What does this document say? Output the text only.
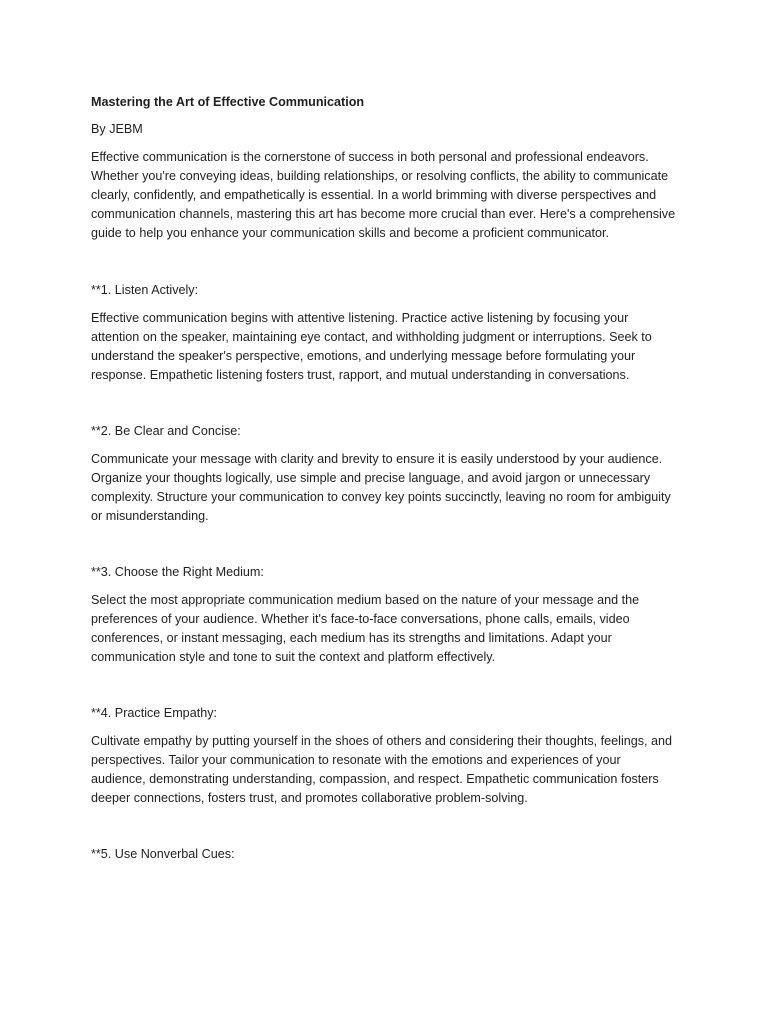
Mastering the Art of Effective Communication

By JEBM

Effective communication is the cornerstone of success in both personal and professional endeavors. Whether you're conveying ideas, building relationships, or resolving conflicts, the ability to communicate clearly, confidently, and empathetically is essential. In a world brimming with diverse perspectives and communication channels, mastering this art has become more crucial than ever. Here's a comprehensive guide to help you enhance your communication skills and become a proficient communicator.

**1. Listen Actively:

Effective communication begins with attentive listening. Practice active listening by focusing your attention on the speaker, maintaining eye contact, and withholding judgment or interruptions. Seek to understand the speaker's perspective, emotions, and underlying message before formulating your response. Empathetic listening fosters trust, rapport, and mutual understanding in conversations.

**2. Be Clear and Concise:

Communicate your message with clarity and brevity to ensure it is easily understood by your audience. Organize your thoughts logically, use simple and precise language, and avoid jargon or unnecessary complexity. Structure your communication to convey key points succinctly, leaving no room for ambiguity or misunderstanding.

**3. Choose the Right Medium:

Select the most appropriate communication medium based on the nature of your message and the preferences of your audience. Whether it's face-to-face conversations, phone calls, emails, video conferences, or instant messaging, each medium has its strengths and limitations. Adapt your communication style and tone to suit the context and platform effectively.

**4. Practice Empathy:

Cultivate empathy by putting yourself in the shoes of others and considering their thoughts, feelings, and perspectives. Tailor your communication to resonate with the emotions and experiences of your audience, demonstrating understanding, compassion, and respect. Empathetic communication fosters deeper connections, fosters trust, and promotes collaborative problem-solving.

**5. Use Nonverbal Cues:
